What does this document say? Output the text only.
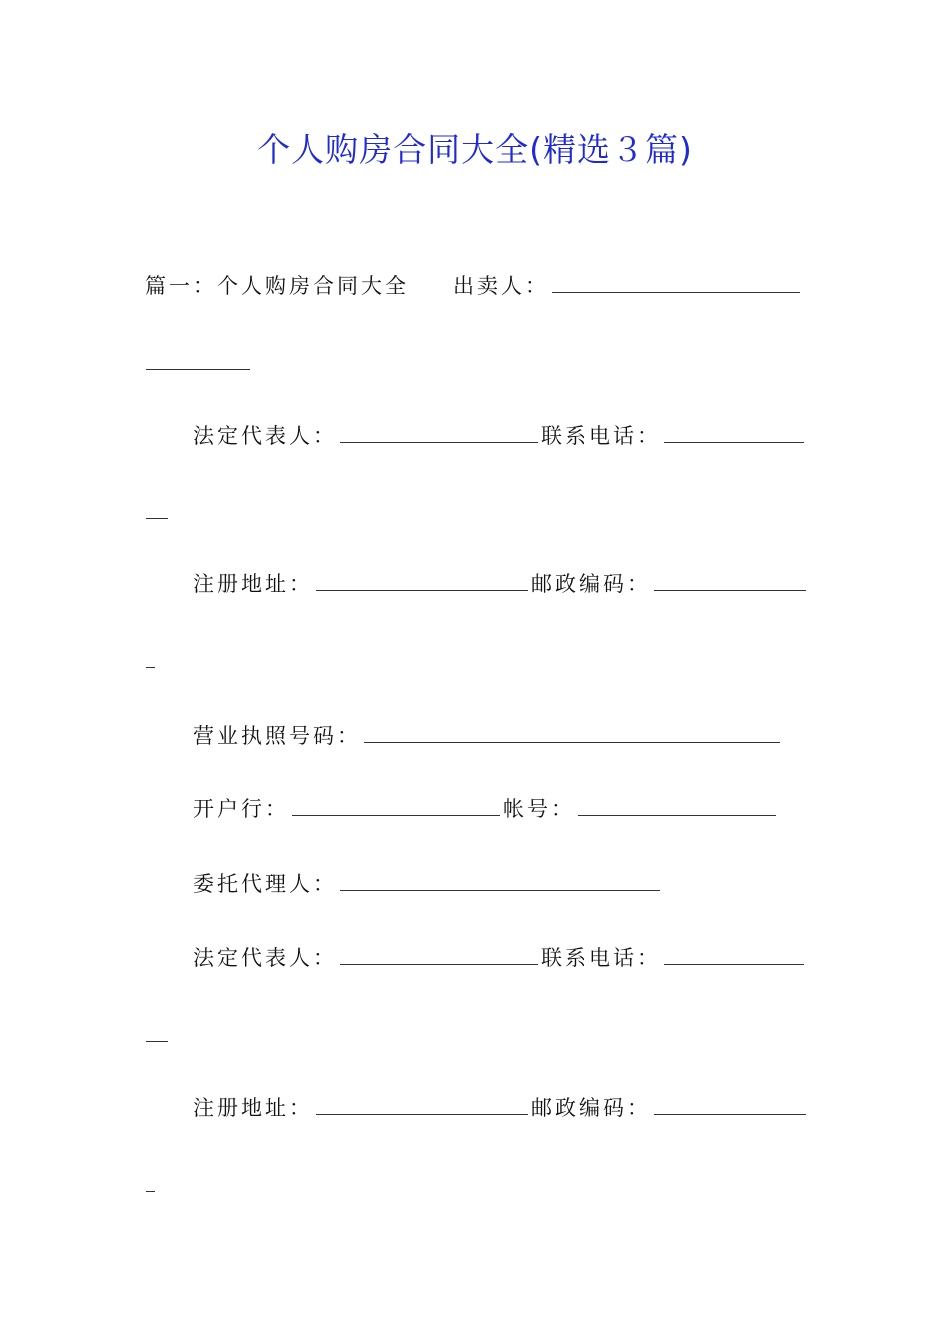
个人购房合同大全(精选３篇)
篇一：个人购房合同大全 出卖人：
法定代表人：	联系电话：
注册地址：	邮政编码：
营业执照号码：
开户行：	帐号：
委托代理人：
法定代表人：	联系电话：
注册地址：	邮政编码：
